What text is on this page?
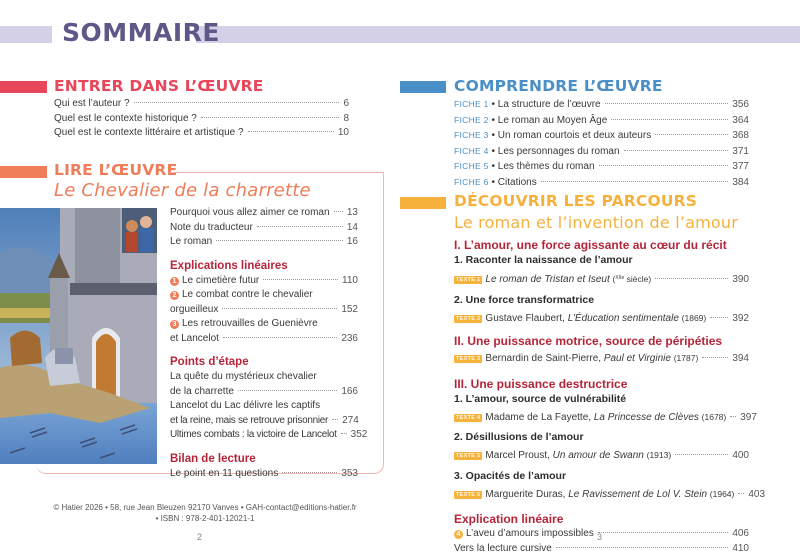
SOMMAIRE
ENTRER DANS L’ŒUVRE
Qui est l’auteur ?	6
Quel est le contexte historique ?	8
Quel est le contexte littéraire et artistique ?	10
LIRE L’ŒUVRE
Le Chevalier de la charrette
Pourquoi vous allez aimer ce roman 13
Note du traducteur	14
Le roman	16
Explications linéaires
1 Le cimetière futur	110
2 Le combat contre le chevalier
orgueilleux	152
3 Les retrouvailles de Guenièvre
et Lancelot	236
Points d’étape
La quête du mystérieux chevalier
de la charrette	166
Lancelot du Lac délivre les captifs
et la reine, mais se retrouve prisonnier 274
Ultimes combats : la victoire de Lancelot 352
Bilan de lecture
Le point en 11 questions	353
© Hatier 2026 • 58, rue Jean Bleuzen 92170 Vanves • GAH-contact@editions-hatier.fr
• ISBN : 978-2-401-12021-1
2	3
COMPRENDRE L’ŒUVRE
FICHE 1 • La structure de l’œuvre	356
FICHE 2 • Le roman au Moyen Âge	364
FICHE 3 • Un roman courtois et deux auteurs	368
FICHE 4 • Les personnages du roman	371
FICHE 5 • Les thèmes du roman	377
FICHE 6 • Citations	384
DÉCOUVRIR LES PARCOURS
Le roman et l’invention de l’amour
I. L’amour, une force agissante au cœur du récit
1. Raconter la naissance de l’amour
TEXTE 1 Le roman de Tristan et Iseut ($^{XIIe}$ siècle)	390
2. Une force transformatrice
TEXTE 2 Gustave Flaubert, L’Éducation sentimentale (1869)	392
II. Une puissance motrice, source de péripéties
TEXTE 3 Bernardin de Saint-Pierre, Paul et Virginie (1787)	394
III. Une puissance destructrice
1. L’amour, source de vulnérabilité
TEXTE 4 Madame de La Fayette, La Princesse de Clèves (1678) 397
2. Désillusions de l’amour
TEXTE 5 Marcel Proust, Un amour de Swann (1913)	400
3. Opacités de l’amour
TEXTE 6 Marguerite Duras, Le Ravissement de Lol V. Stein (1964) 403
Explication linéaire
4 L’aveu d’amours impossibles	406
Vers la lecture cursive	410
